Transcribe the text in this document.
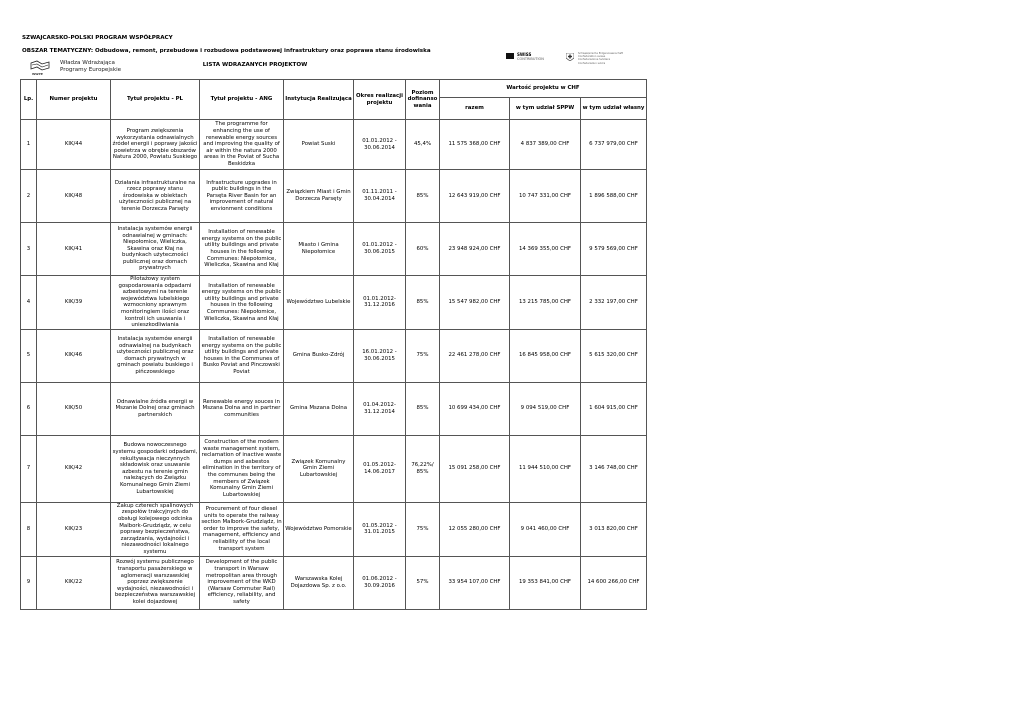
SZWAJCARSKO-POLSKI PROGRAM WSPÓŁPRACY
OBSZAR TEMATYCZNY: Odbudowa, remont, przebudowa i rozbudowa podstawowej infrastruktury oraz poprawa stanu środowiska
Władza Wdrażająca
Programy Europejskie
WWPE
LISTA WDRAŻANYCH PROJEKTÓW
SWISS
CONTRIBUTION
Schweizerische Eidgenossenschaft
Confédération suisse
Confederazione Svizzera
Confederaziun svizra
Lp.	Numer projektu	Tytuł projektu - PL	Tytuł projektu - ANG	Instytucja Realizująca	Okres realizacji projektu	Poziom dofinanso wania	Wartość projektu w CHF		
							razem	w tym udział SPPW	w tym udział własny
1	KIK/44	Program zwiększenia wykorzystania odnawialnych źródeł energii i poprawy jakości powietrza w obrębie obszarów Natura 2000, Powiatu Suskiego	The programme for enhancing the use of renewable energy sources and improving the quality of air within the natura 2000 areas in the Poviat of Sucha Beskidzka	Powiat Suski	01.01.2012 - 30.06.2014	45,4%	11 575 368,00 CHF	4 837 389,00 CHF	6 737 979,00 CHF
2	KIK/48	Działania infrastrukturalne na rzecz poprawy stanu środowiska w obiektach użyteczności publicznej na terenie Dorzecza Parsęty	Infrastructure upgrades in public buildings in the Parsęta River Basin for an improvement of natural envionment conditions	Związkiem Miast i Gmin Dorzecza Parsęty	01.11.2011 - 30.04.2014	85%	12 643 919,00 CHF	10 747 331,00 CHF	1 896 588,00 CHF
3	KIK/41	Instalacja systemów energii odnawialnej w gminach: Niepołomice, Wieliczka, Skawina oraz Kłaj na budynkach użyteczności publicznej oraz domach prywatnych	Installation of renewable energy systems on the public utility buildings and private houses in the following Communes: Niepołomice, Wieliczka, Skawina and Kłaj	Miasto i Gmina Niepołomice	01.01.2012 - 30.06.2015	60%	23 948 924,00 CHF	14 369 355,00 CHF	9 579 569,00 CHF
4	KIK/39	Pilotażowy system gospodarowania odpadami azbestowymi na terenie województwa lubelskiego wzmocniony sprawnym monitoringiem ilości oraz kontroli ich usuwania i unieszkodliwiania	Installation of renewable energy systems on the public utility buildings and private houses in the following Communes: Niepołomice, Wieliczka, Skawina and Kłaj	Województwo Lubelskie	01.01.2012- 31.12.2016	85%	15 547 982,00 CHF	13 215 785,00 CHF	2 332 197,00 CHF
5	KIK/46	Instalacja systemów energii odnawialnej na budynkach użyteczności publicznej oraz domach prywatnych w gminach powiatu buskiego i pińczowskiego	Installation of renewable energy systems on the public utility buildings and private houses in the Communes of Busko Poviat and Pinczowski Poviat	Gmina Busko-Zdrój	16.01.2012 - 30.06.2015	75%	22 461 278,00 CHF	16 845 958,00 CHF	5 615 320,00 CHF
6	KIK/50	Odnawialne źródła energii w Mszanie Dolnej oraz gminach partnerskich	Renewable energy souces in Mszana Dolna and in partner communities	Gmina Mszana Dolna	01.04.2012- 31.12.2014	85%	10 699 434,00 CHF	9 094 519,00 CHF	1 604 915,00 CHF
7	KIK/42	Budowa nowoczesnego systemu gospodarki odpadami, rekultywacja nieczynnych składowisk oraz usuwanie azbestu na terenie gmin należących do Związku Komunalnego Gmin Ziemi Lubartowskiej	Construction of the modern waste management system, reclamation of inactive waste dumps and asbestos elimination in the territory of the communes being the members of Związek Komunalny Gmin Ziemi Lubartowskiej	Związek Komunalny Gmin Ziemi Lubartowskiej	01.05.2012- 14.06.2017	76,22%/ 85%	15 091 258,00 CHF	11 944 510,00 CHF	3 146 748,00 CHF
8	KIK/23	Zakup czterech spalinowych zespołów trakcyjnych do obsługi kolejowego odcinka Malbork-Grudziądz, w celu poprawy bezpieczeństwa, zarządzania, wydajności i niezawodności lokalnego systemu	Procurement of four diesel units to operate the railway section Malbork-Grudziądz, in order to improve the safety, management, efficiency and reliability of the local transport system	Województwo Pomorskie	01.05.2012 - 31.01.2015	75%	12 055 280,00 CHF	9 041 460,00 CHF	3 013 820,00 CHF
9	KIK/22	Rozwój systemu publicznego transportu pasażerskiego w aglomeracji warszawskiej poprzez zwiększenie wydajności, niezawodności i bezpieczeństwa warszawskiej kolei dojazdowej	Development of the public transport in Warsaw metropolitan area through improvement of the WKD (Warsaw Commuter Rail) efficiency, reliability, and safety	Warszawska Kolej Dojazdowa Sp. z o.o.	01.06.2012 - 30.09.2016	57%	33 954 107,00 CHF	19 353 841,00 CHF	14 600 266,00 CHF
